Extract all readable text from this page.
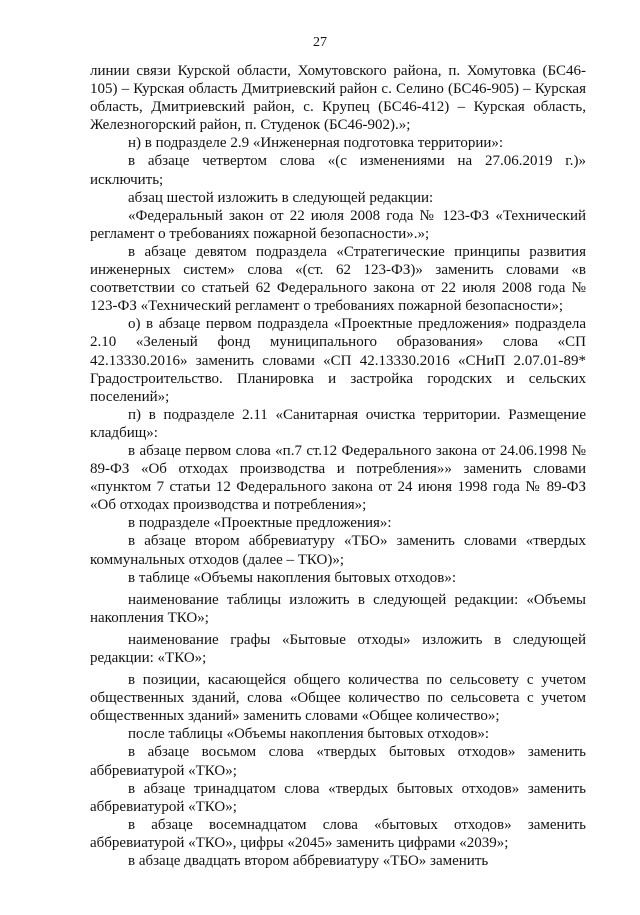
27

линии связи Курской области, Хомутовского района, п. Хомутовка (БС46-105) – Курская область Дмитриевский район с. Селино (БС46-905) – Курская область, Дмитриевский район, с. Крупец (БС46-412) – Курская область, Железногорский район, п. Студенок (БС46-902).»;

н) в подразделе 2.9 «Инженерная подготовка территории»:

в абзаце четвертом слова «(с изменениями на 27.06.2019 г.)» исключить;

абзац шестой изложить в следующей редакции:

«Федеральный закон от 22 июля 2008 года № 123-ФЗ «Технический регламент о требованиях пожарной безопасности».»;

в абзаце девятом подраздела «Стратегические принципы развития инженерных систем» слова «(ст. 62 123-ФЗ)» заменить словами «в соответствии со статьей 62 Федерального закона от 22 июля 2008 года № 123-ФЗ «Технический регламент о требованиях пожарной безопасности»;

о) в абзаце первом подраздела «Проектные предложения» подраздела 2.10 «Зеленый фонд муниципального образования» слова «СП 42.13330.2016» заменить словами «СП 42.13330.2016 «СНиП 2.07.01-89* Градостроительство. Планировка и застройка городских и сельских поселений»;

п) в подразделе 2.11 «Санитарная очистка территории. Размещение кладбищ»:

в абзаце первом слова «п.7 ст.12 Федерального закона от 24.06.1998 № 89-ФЗ «Об отходах производства и потребления»» заменить словами «пунктом 7 статьи 12 Федерального закона от 24 июня 1998 года № 89-ФЗ «Об отходах производства и потребления»;

в подразделе «Проектные предложения»:

в абзаце втором аббревиатуру «ТБО» заменить словами «твердых коммунальных отходов (далее – ТКО)»;

в таблице «Объемы накопления бытовых отходов»:

наименование таблицы изложить в следующей редакции: «Объемы накопления ТКО»;

наименование графы «Бытовые отходы» изложить в следующей редакции: «ТКО»;

в позиции, касающейся общего количества по сельсовету с учетом общественных зданий, слова «Общее количество по сельсовета с учетом общественных зданий» заменить словами «Общее количество»;

после таблицы «Объемы накопления бытовых отходов»:

в абзаце восьмом слова «твердых бытовых отходов» заменить аббревиатурой «ТКО»;

в абзаце тринадцатом слова «твердых бытовых отходов» заменить аббревиатурой «ТКО»;

в абзаце восемнадцатом слова «бытовых отходов» заменить аббревиатурой «ТКО», цифры «2045» заменить цифрами «2039»;

в абзаце двадцать втором аббревиатуру «ТБО» заменить
